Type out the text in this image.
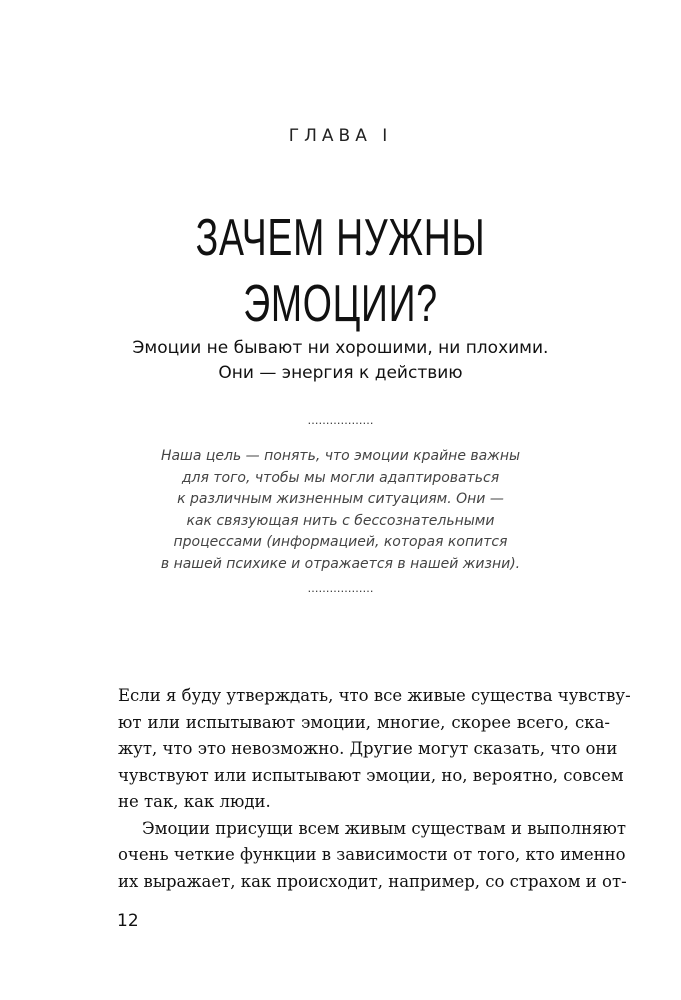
ГЛАВА I
ЗАЧЕМ НУЖНЫ
ЭМОЦИИ?
Эмоции не бывают ни хорошими, ни плохими.
Они — энергия к действию
………………
Наша цель — понять, что эмоции крайне важны
для того, чтобы мы могли адаптироваться
к различным жизненным ситуациям. Они —
как связующая нить с бессознательными
процессами (информацией, которая копится
в нашей психике и отражается в нашей жизни).
………………
Если я буду утверждать, что все живые существа чувству-
ют или испытывают эмоции, многие, скорее всего, ска-
жут, что это невозможно. Другие могут сказать, что они
чувствуют или испытывают эмоции, но, вероятно, совсем
не так, как люди.
Эмоции присущи всем живым существам и выполняют
очень четкие функции в зависимости от того, кто именно
их выражает, как происходит, например, со страхом и от-
12
